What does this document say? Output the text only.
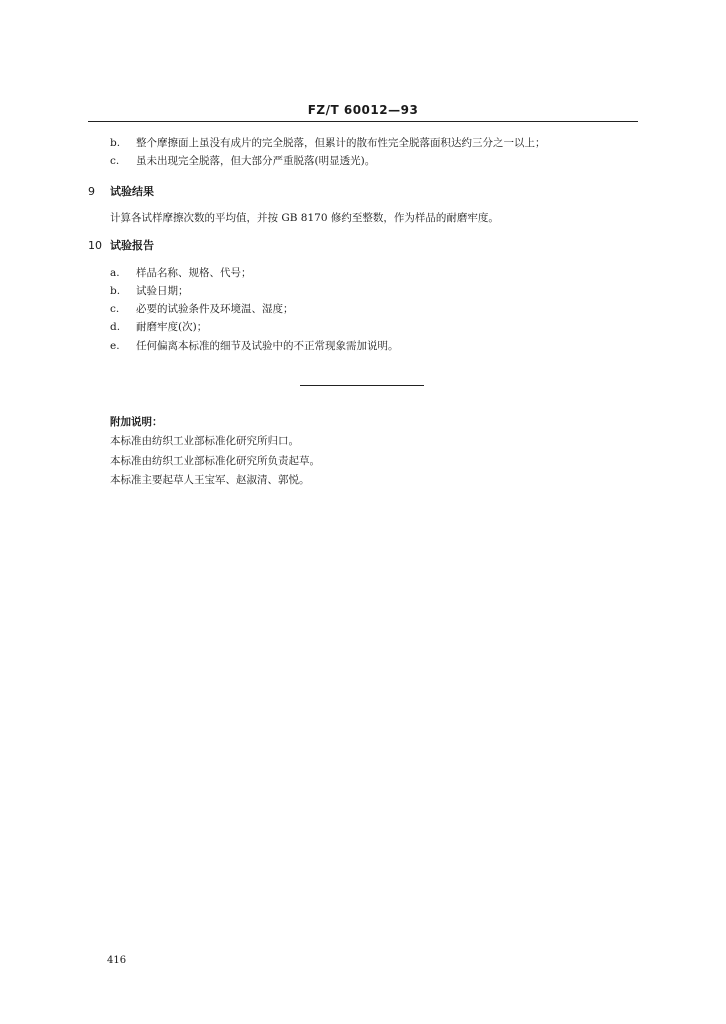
FZ/T 60012—93
b. 整个摩擦面上虽没有成片的完全脱落，但累计的散布性完全脱落面积达约三分之一以上；
c. 虽未出现完全脱落，但大部分严重脱落(明显透光)。
9 试验结果
计算各试样摩擦次数的平均值，并按 GB 8170 修约至整数，作为样品的耐磨牢度。
10 试验报告
a. 样品名称、规格、代号；
b. 试验日期；
c. 必要的试验条件及环境温、湿度；
d. 耐磨牢度(次)；
e. 任何偏离本标准的细节及试验中的不正常现象需加说明。
附加说明：
本标准由纺织工业部标准化研究所归口。
本标准由纺织工业部标准化研究所负责起草。
本标准主要起草人王宝军、赵淑清、郭悦。
416
